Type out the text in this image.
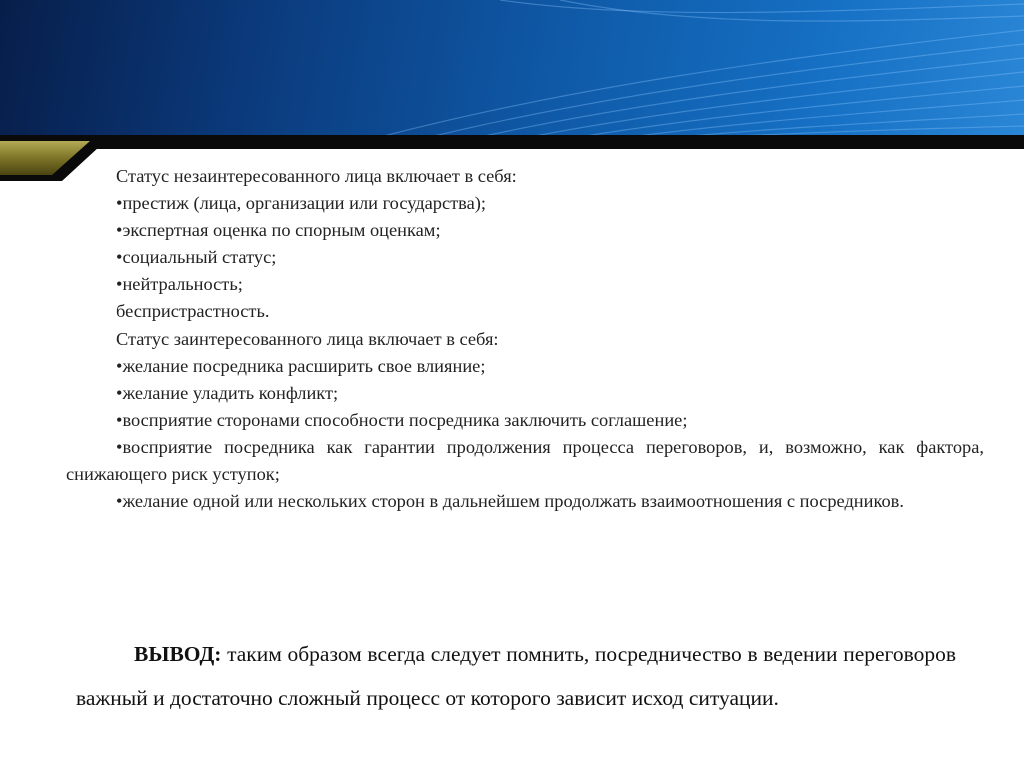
Статус незаинтересованного лица включает в себя:

•престиж (лица, организации или государства);

•экспертная оценка по спорным оценкам;

•социальный статус;

•нейтральность;

беспристрастность.

Статус заинтересованного лица включает в себя:

•желание посредника расширить свое влияние;

•желание уладить конфликт;

•восприятие сторонами способности посредника заключить соглашение;

•восприятие посредника как гарантии продолжения процесса переговоров, и, возможно, как фактора, снижающего риск уступок;

•желание одной или нескольких сторон в дальнейшем продолжать взаимоотношения с посредников.

ВЫВОД: таким образом всегда следует помнить, посредничество в ведении переговоров важный и достаточно сложный процесс от которого зависит исход ситуации.
